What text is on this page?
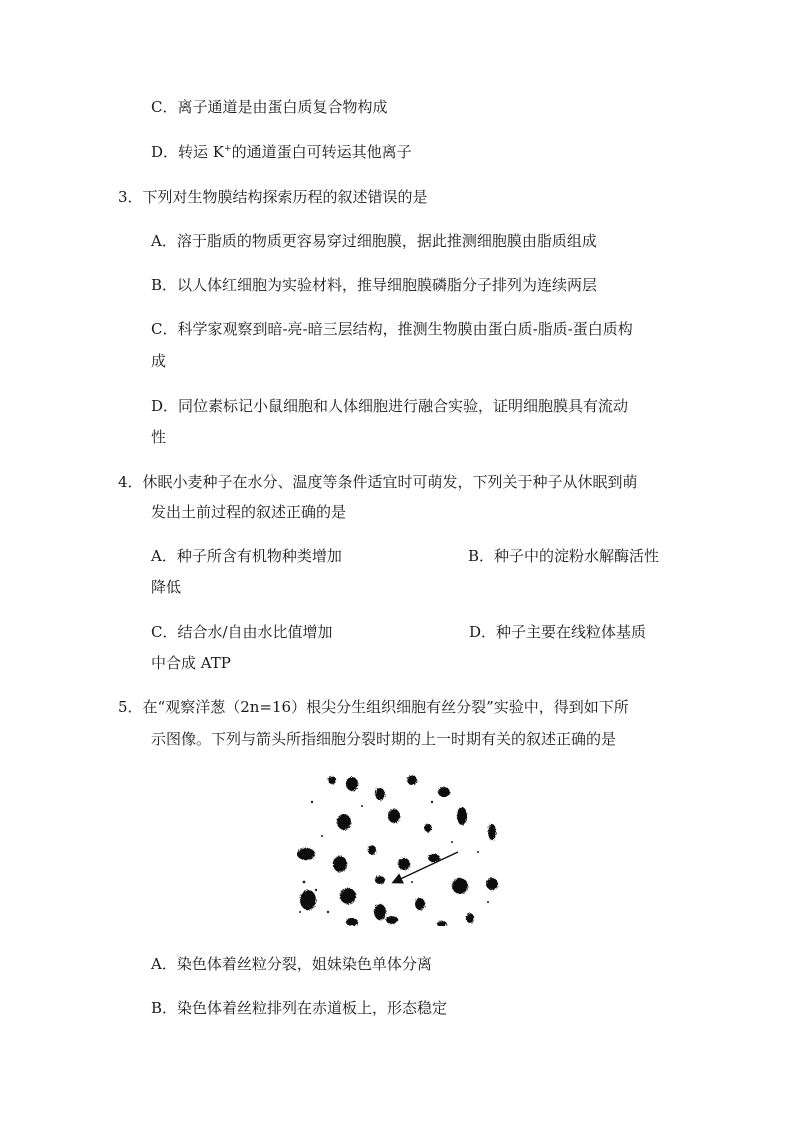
C．离子通道是由蛋白质复合物构成
D．转运 K+的通道蛋白可转运其他离子
3．下列对生物膜结构探索历程的叙述错误的是
A．溶于脂质的物质更容易穿过细胞膜，据此推测细胞膜由脂质组成
B．以人体红细胞为实验材料，推导细胞膜磷脂分子排列为连续两层
C．科学家观察到暗-亮-暗三层结构，推测生物膜由蛋白质-脂质-蛋白质构
成
D．同位素标记小鼠细胞和人体细胞进行融合实验，证明细胞膜具有流动
性
4．休眠小麦种子在水分、温度等条件适宜时可萌发，下列关于种子从休眠到萌
发出土前过程的叙述正确的是
A．种子所含有机物种类增加	B．种子中的淀粉水解酶活性
降低
C．结合水/自由水比值增加	D．种子主要在线粒体基质
中合成 ATP
5．在“观察洋葱（2n=16）根尖分生组织细胞有丝分裂”实验中，得到如下所
示图像。下列与箭头所指细胞分裂时期的上一时期有关的叙述正确的是
A．染色体着丝粒分裂，姐妹染色单体分离
B．染色体着丝粒排列在赤道板上，形态稳定
